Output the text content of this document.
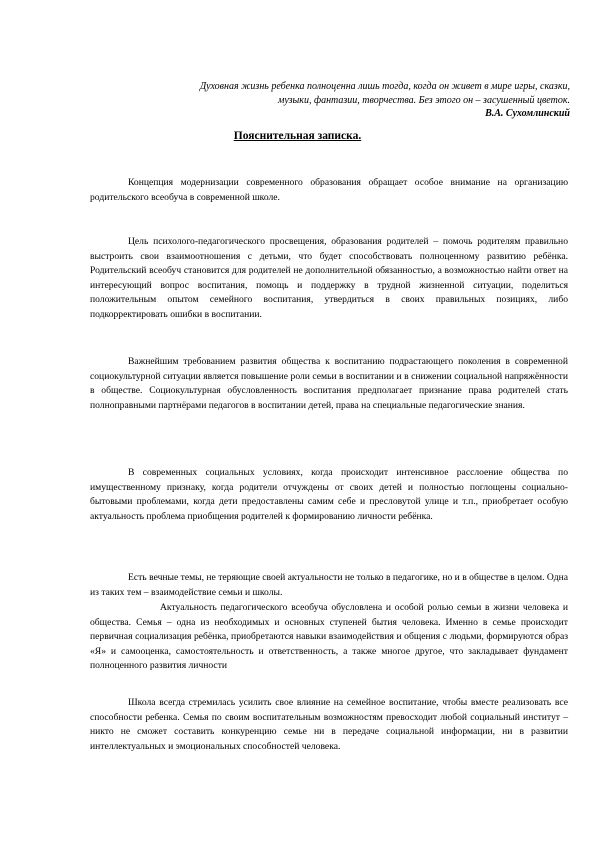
Духовная жизнь ребенка полноценна лишь тогда, когда он живет в мире игры, сказки,
музыки, фантазии, творчества. Без этого он – засушенный цветок.
В.А. Сухомлинский
Пояснительная записка.

Концепция модернизации современного образования обращает особое внимание на организацию родительского всеобуча в современной школе.

Цель психолого-педагогического просвещения, образования родителей – помочь родителям правильно выстроить свои взаимоотношения с детьми, что будет способствовать полноценному развитию ребёнка. Родительский всеобуч становится для родителей не дополнительной обязанностью, а возможностью найти ответ на интересующий вопрос воспитания, помощь и поддержку в трудной жизненной ситуации, поделиться положительным опытом семейного воспитания, утвердиться в своих правильных позициях, либо подкорректировать ошибки в воспитании.

Важнейшим требованием развития общества к воспитанию подрастающего поколения в современной социокультурной ситуации является повышение роли семьи в воспитании и в снижении социальной напряжённости в обществе. Социокультурная обусловленность воспитания предполагает признание права родителей стать полноправными партнёрами педагогов в воспитании детей, права на специальные педагогические знания.

В современных социальных условиях, когда происходит интенсивное расслоение общества по имущественному признаку, когда родители отчуждены от своих детей и полностью поглощены социально-бытовыми проблемами, когда дети предоставлены самим себе и пресловутой улице и т.п., приобретает особую актуальность проблема приобщения родителей к формированию личности ребёнка.

Есть вечные темы, не теряющие своей актуальности не только в педагогике, но и в обществе в целом. Одна из таких тем – взаимодействие семьи и школы.

Актуальность педагогического всеобуча обусловлена и особой ролью семьи в жизни человека и общества. Семья – одна из необходимых и основных ступеней бытия человека. Именно в семье происходит первичная социализация ребёнка, приобретаются навыки взаимодействия и общения с людьми, формируются образ «Я» и самооценка, самостоятельность и ответственность, а также многое другое, что закладывает фундамент полноценного развития личности

Школа всегда стремилась усилить свое влияние на семейное воспитание, чтобы вместе реализовать все способности ребенка. Семья по своим воспитательным возможностям превосходит любой социальный институт – никто не сможет составить конкуренцию семье ни в передаче социальной информации, ни в развитии интеллектуальных и эмоциональных способностей человека.
